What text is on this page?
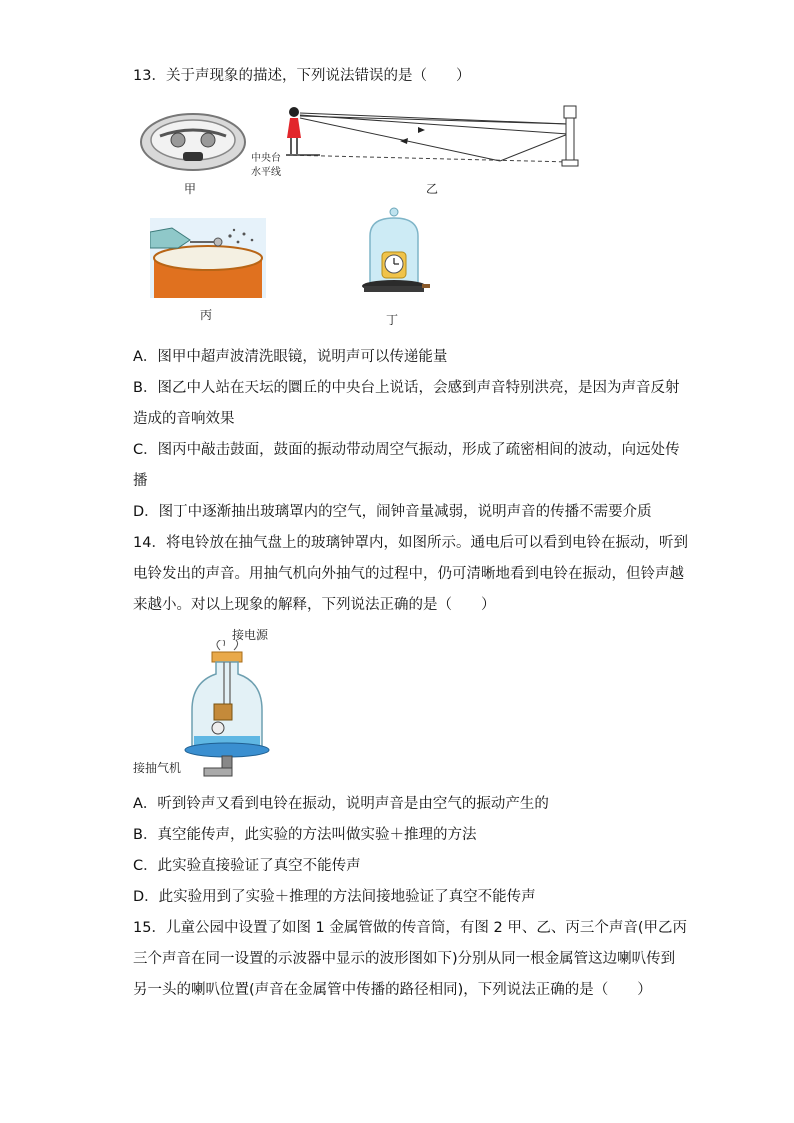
13．关于声现象的描述，下列说法错误的是（　　）
甲
中央台
水平线
乙
丙	丁
A．图甲中超声波清洗眼镜，说明声可以传递能量
B．图乙中人站在天坛的圜丘的中央台上说话，会感到声音特别洪亮，是因为声音反射
造成的音响效果
C．图丙中敲击鼓面，鼓面的振动带动周空气振动，形成了疏密相间的波动，向远处传
播
D．图丁中逐渐抽出玻璃罩内的空气，闹钟音量减弱，说明声音的传播不需要介质
14．将电铃放在抽气盘上的玻璃钟罩内，如图所示。通电后可以看到电铃在振动，听到
电铃发出的声音。用抽气机向外抽气的过程中，仍可清晰地看到电铃在振动，但铃声越
来越小。对以上现象的解释，下列说法正确的是（　　）
接电源
接抽气机
A．听到铃声又看到电铃在振动，说明声音是由空气的振动产生的
B．真空能传声，此实验的方法叫做实验＋推理的方法
C．此实验直接验证了真空不能传声
D．此实验用到了实验＋推理的方法间接地验证了真空不能传声
15．儿童公园中设置了如图 1 金属管做的传音筒，有图 2 甲、乙、丙三个声音(甲乙丙
三个声音在同一设置的示波器中显示的波形图如下)分别从同一根金属管这边喇叭传到
另一头的喇叭位置(声音在金属管中传播的路径相同)，下列说法正确的是（　　）
